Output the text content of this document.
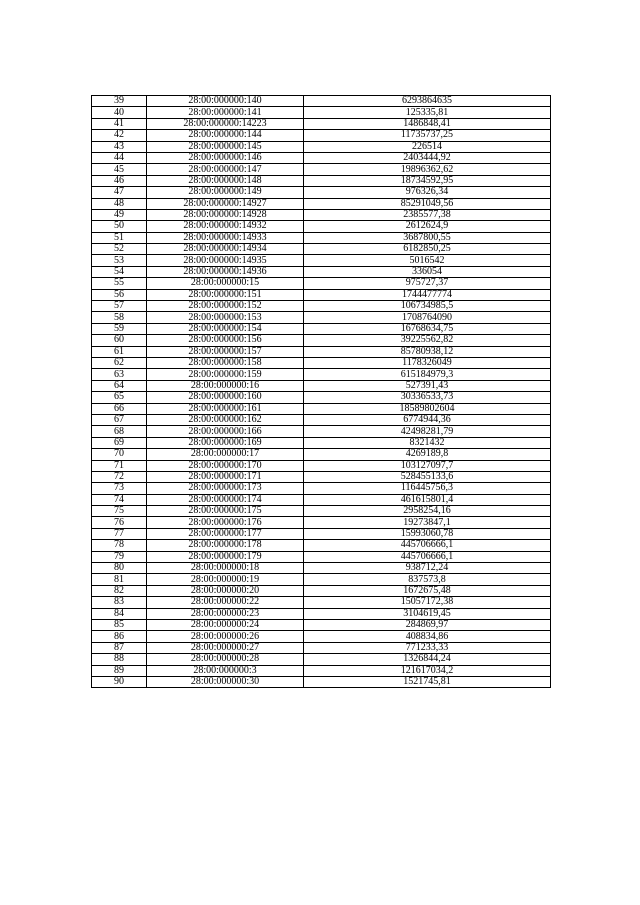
39	28:00:000000:140	6293864635
40	28:00:000000:141	125335,81
41	28:00:000000:14223	1486848,41
42	28:00:000000:144	11735737,25
43	28:00:000000:145	226514
44	28:00:000000:146	2403444,92
45	28:00:000000:147	19896362,62
46	28:00:000000:148	18734592,95
47	28:00:000000:149	976326,34
48	28:00:000000:14927	85291049,56
49	28:00:000000:14928	2385577,38
50	28:00:000000:14932	2612624,9
51	28:00:000000:14933	3687800,55
52	28:00:000000:14934	6182850,25
53	28:00:000000:14935	5016542
54	28:00:000000:14936	336054
55	28:00:000000:15	975727,37
56	28:00:000000:151	1744477774
57	28:00:000000:152	106734985,5
58	28:00:000000:153	1708764090
59	28:00:000000:154	16768634,75
60	28:00:000000:156	39225562,82
61	28:00:000000:157	85780938,12
62	28:00:000000:158	1178326049
63	28:00:000000:159	615184979,3
64	28:00:000000:16	527391,43
65	28:00:000000:160	30336533,73
66	28:00:000000:161	18589802604
67	28:00:000000:162	6774944,36
68	28:00:000000:166	42498281,79
69	28:00:000000:169	8321432
70	28:00:000000:17	4269189,8
71	28:00:000000:170	103127097,7
72	28:00:000000:171	528455133,6
73	28:00:000000:173	116445756,3
74	28:00:000000:174	461615801,4
75	28:00:000000:175	2958254,16
76	28:00:000000:176	19273847,1
77	28:00:000000:177	15993060,78
78	28:00:000000:178	445706666,1
79	28:00:000000:179	445706666,1
80	28:00:000000:18	938712,24
81	28:00:000000:19	837573,8
82	28:00:000000:20	1672675,48
83	28:00:000000:22	15057172,38
84	28:00:000000:23	3104619,45
85	28:00:000000:24	284869,97
86	28:00:000000:26	408834,86
87	28:00:000000:27	771233,33
88	28:00:000000:28	1326844,24
89	28:00:000000:3	121617034,2
90	28:00:000000:30	1521745,81
